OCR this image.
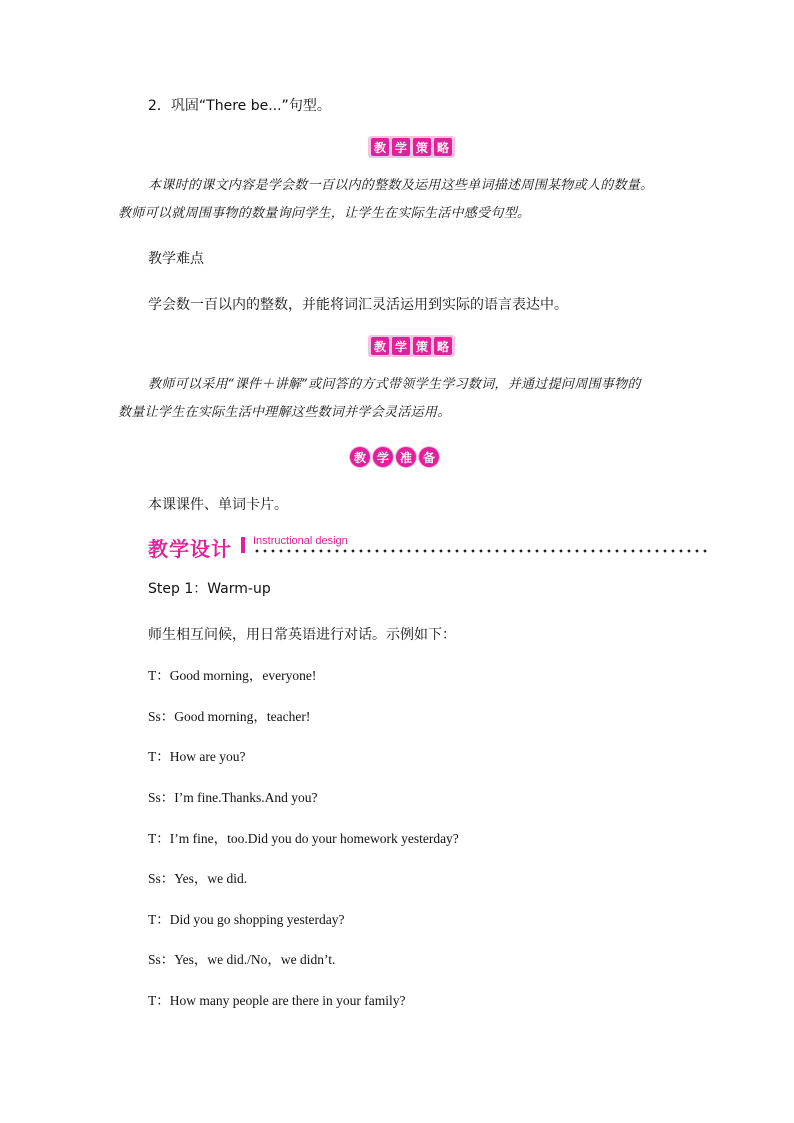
2．巩固“There be...”句型。
教 学 策 略
本课时的课文内容是学会数一百以内的整数及运用这些单词描述周围某物或人的数量。
教师可以就周围事物的数量询问学生，让学生在实际生活中感受句型。
教学难点
学会数一百以内的整数，并能将词汇灵活运用到实际的语言表达中。
教 学 策 略
教师可以采用“课件＋讲解”或问答的方式带领学生学习数词，并通过提问周围事物的
数量让学生在实际生活中理解这些数词并学会灵活运用。
教 学 准 备
本课课件、单词卡片。
教学设计 Instructional design
Step 1：Warm-up
师生相互问候，用日常英语进行对话。示例如下：
T：Good morning，everyone!
Ss：Good morning，teacher!
T：How are you?
Ss：I’m fine.Thanks.And you?
T：I’m fine，too.Did you do your homework yesterday?
Ss：Yes，we did.
T：Did you go shopping yesterday?
Ss：Yes，we did./No，we didn’t.
T：How many people are there in your family?
